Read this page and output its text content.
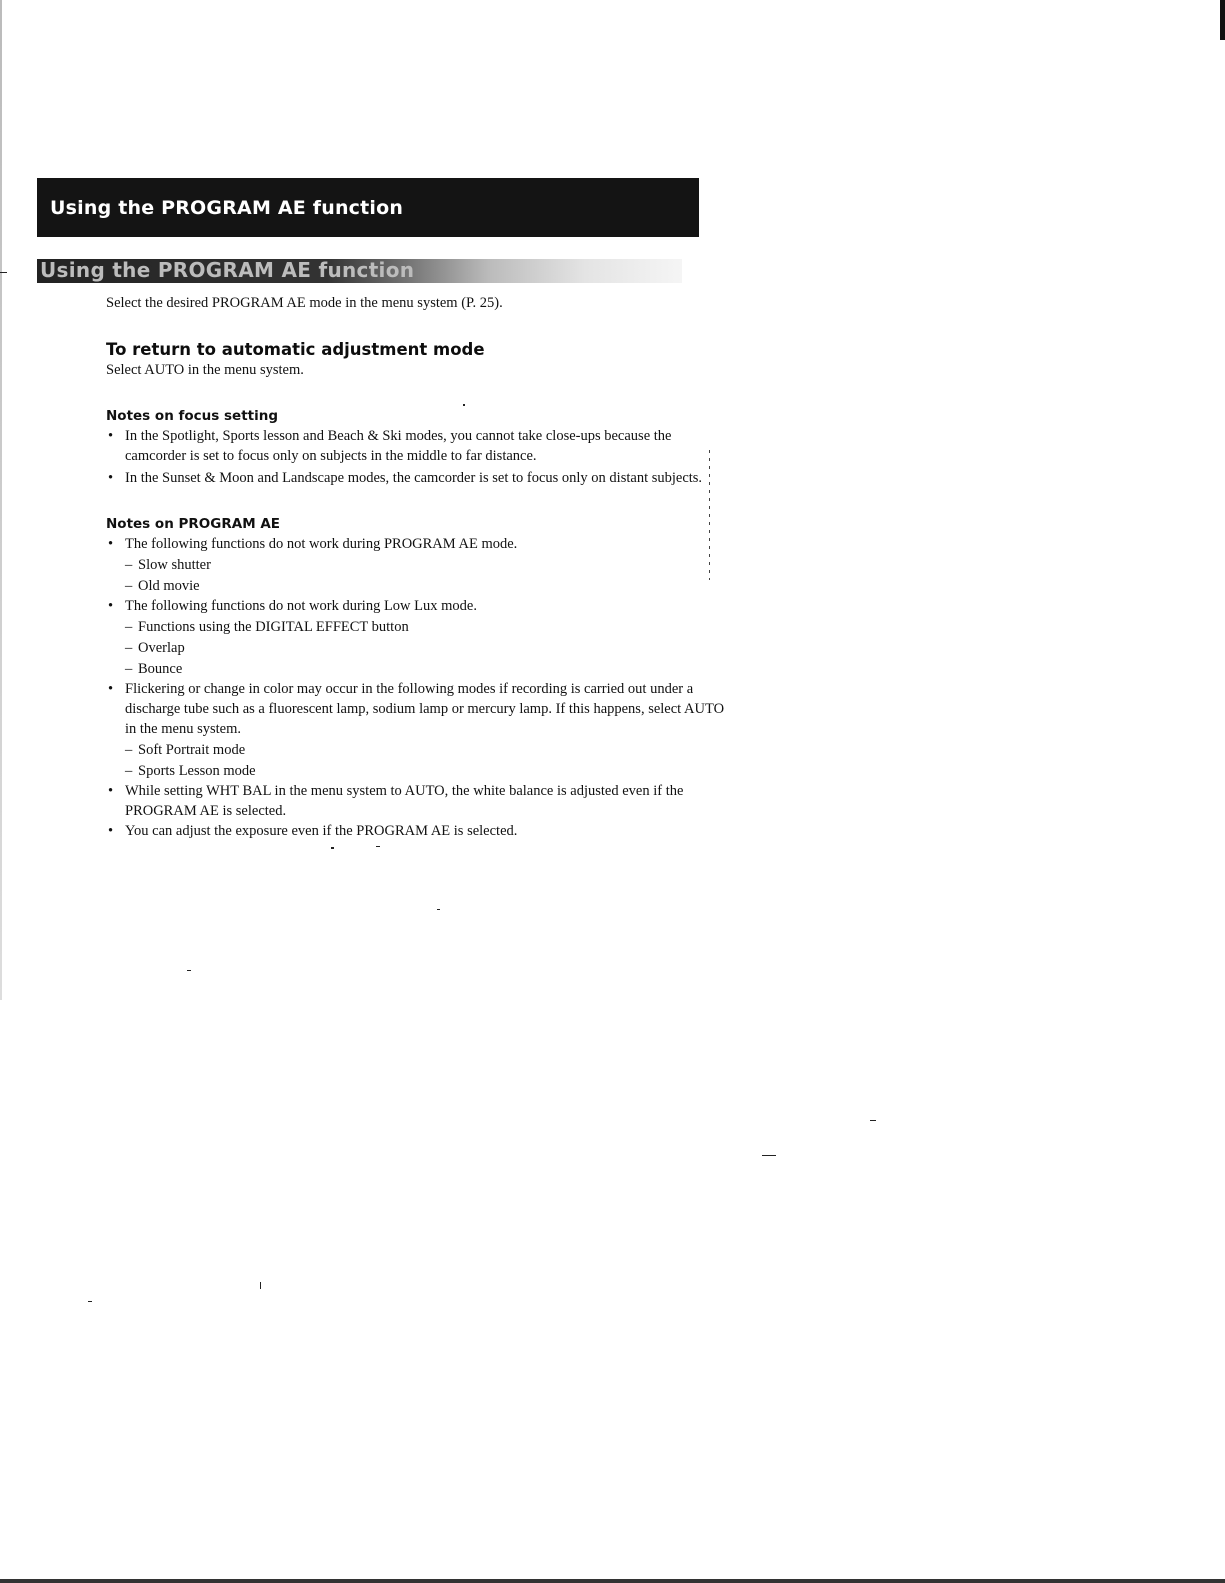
Using the PROGRAM AE function
Using the PROGRAM AE function

Select the desired PROGRAM AE mode in the menu system (P. 25).

To return to automatic adjustment mode

Select AUTO in the menu system.

Notes on focus setting
• In the Spotlight, Sports lesson and Beach & Ski modes, you cannot take close-ups because the camcorder is set to focus only on subjects in the middle to far distance.
• In the Sunset & Moon and Landscape modes, the camcorder is set to focus only on distant subjects.
Notes on PROGRAM AE
• The following functions do not work during PROGRAM AE mode.
– Slow shutter
– Old movie
• The following functions do not work during Low Lux mode.
– Functions using the DIGITAL EFFECT button
– Overlap
– Bounce
• Flickering or change in color may occur in the following modes if recording is carried out under a discharge tube such as a fluorescent lamp, sodium lamp or mercury lamp. If this happens, select AUTO in the menu system.
– Soft Portrait mode
– Sports Lesson mode
• While setting WHT BAL in the menu system to AUTO, the white balance is adjusted even if the PROGRAM AE is selected.
• You can adjust the exposure even if the PROGRAM AE is selected.
